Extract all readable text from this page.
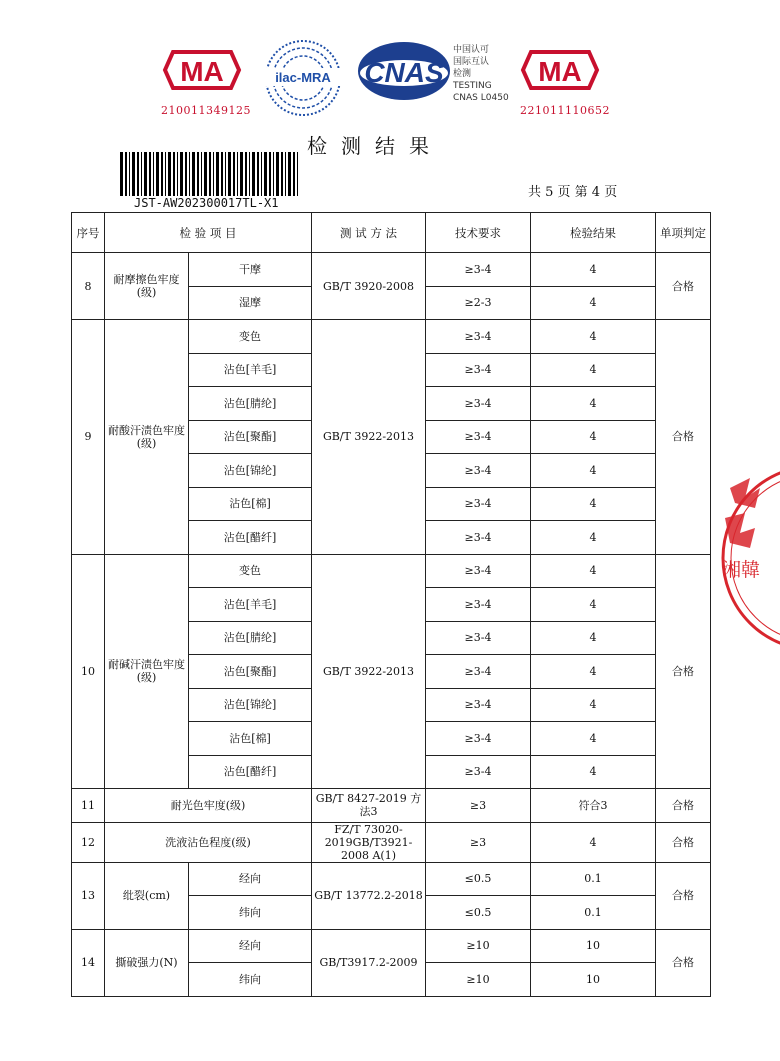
MA
210011349125
ilac-MRA CNAS
中国认可
国际互认
检测
TESTING
CNAS L0450
MA
221011110652
检测结果
JST-AW202300017TL-X1
共 5 页 第 4 页
序号	检 验 项 目		测 试 方 法	技术要求	检验结果	单项判定
8	耐摩擦色牢度(级)	干摩	GB/T 3920-2008	≥3-4	4	合格
		湿摩		≥2-3	4	
9	耐酸汗渍色牢度(级)	变色	GB/T 3922-2013	≥3-4	4	合格
		沾色[羊毛]		≥3-4	4	
		沾色[腈纶]		≥3-4	4	
		沾色[聚酯]		≥3-4	4	
		沾色[锦纶]		≥3-4	4	
		沾色[棉]		≥3-4	4	
		沾色[醋纤]		≥3-4	4	
10	耐碱汗渍色牢度(级)	变色	GB/T 3922-2013	≥3-4	4	合格
		沾色[羊毛]		≥3-4	4	
		沾色[腈纶]		≥3-4	4	
		沾色[聚酯]		≥3-4	4	
		沾色[锦纶]		≥3-4	4	
		沾色[棉]		≥3-4	4	
		沾色[醋纤]		≥3-4	4	
11	耐光色牢度(级)		GB/T 8427-2019 方法3	≥3	符合3	合格
12	洗液沾色程度(级)		FZ/T 73020-2019GB/T3921-2008 A(1)	≥3	4	合格
13	纰裂(cm)	经向	GB/T 13772.2-2018	≤0.5	0.1	合格
		纬向		≤0.5	0.1	
14	撕破强力(N)	经向	GB/T3917.2-2009	≥10	10	合格
		纬向		≥10	10	
湘韓
